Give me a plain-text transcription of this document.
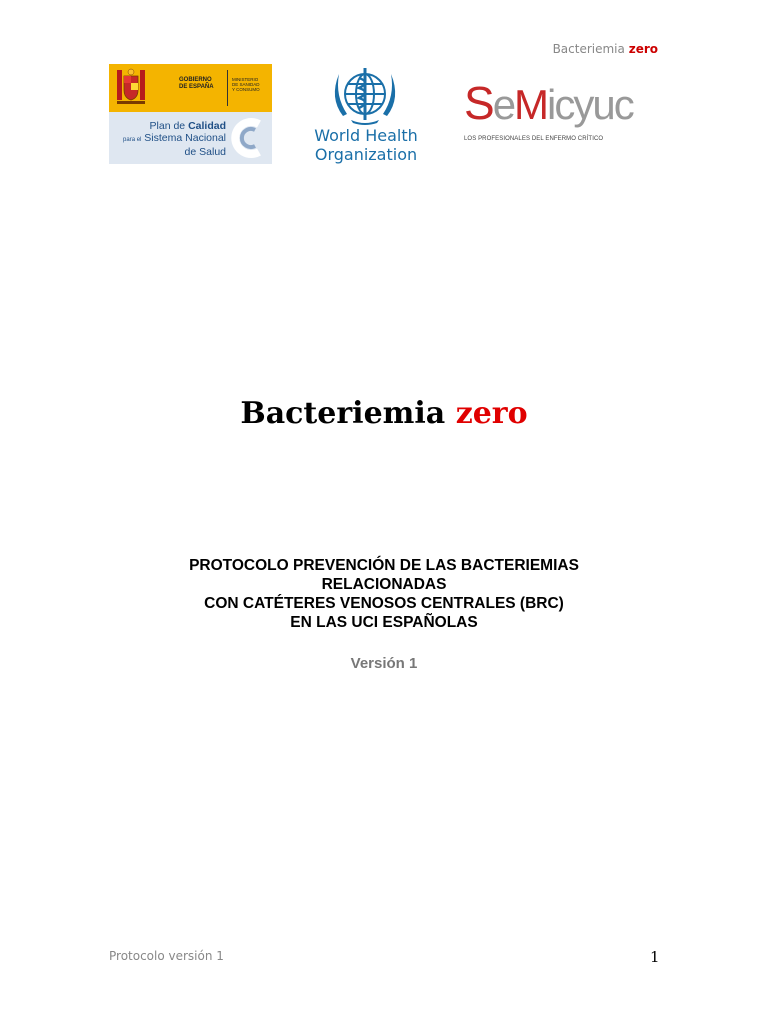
Bacteriemia zero
GOBIERNO
DE ESPAÑA
MINISTERIO
DE SANIDAD
Y CONSUMO
Plan de Calidad
para el Sistema Nacional
de Salud
World Health
Organization
SeMicyuc
LOS PROFESIONALES DEL ENFERMO CRÍTICO
Bacteriemia zero
PROTOCOLO PREVENCIÓN DE LAS BACTERIEMIAS
RELACIONADAS
CON CATÉTERES VENOSOS CENTRALES (BRC)
EN LAS UCI ESPAÑOLAS
Versión 1
Protocolo versión 1	1
